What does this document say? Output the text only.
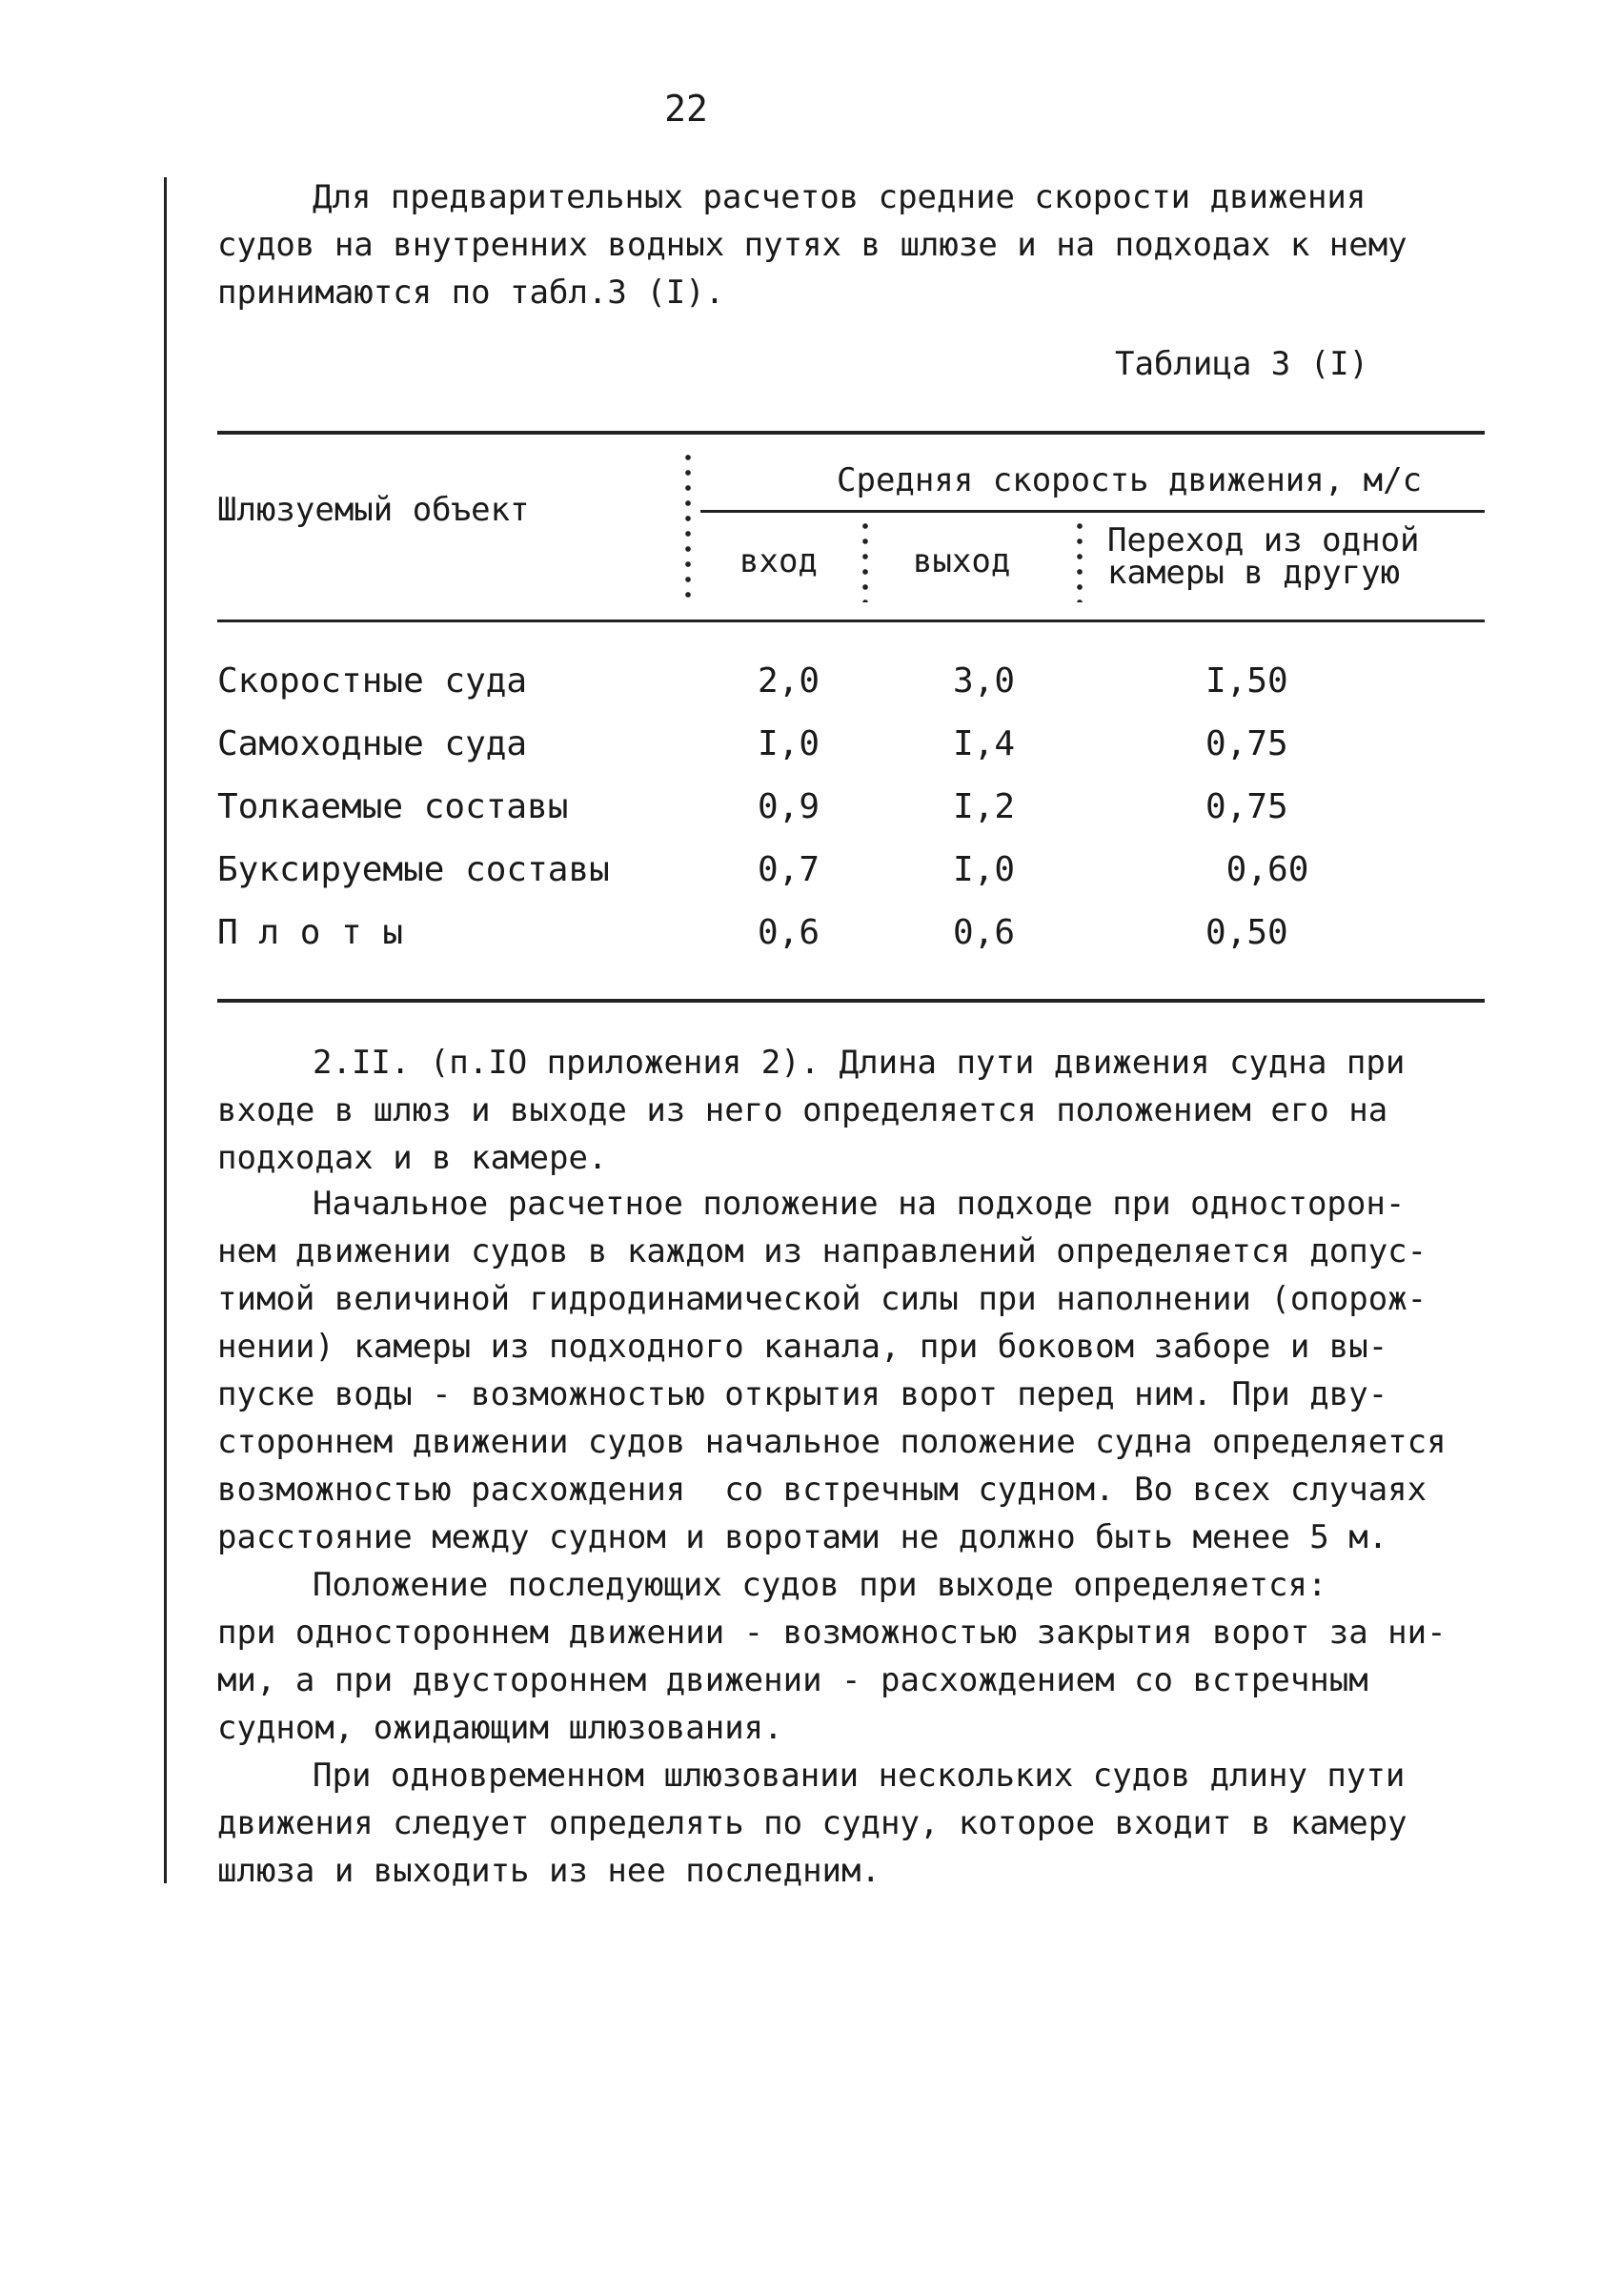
22

Для предварительных расчетов средние скорости движения
судов на внутренних водных путях в шлюзе и на подходах к нему
принимаются по табл.3 (I).

Таблица 3 (I)
Шлюзуемый объект
Средняя скорость движения, м/с
вход	выход
Переход из одной
камеры в другую
Скоростные суда	2,0	3,0	I,50
Самоходные суда	I,0	I,4	0,75
Толкаемые составы	0,9	I,2	0,75
Буксируемые составы	0,7	I,0	0,60
П л о т ы	0,6	0,6	0,50

2.II. (п.IO приложения 2). Длина пути движения судна при
входе в шлюз и выходе из него определяется положением его на
подходах и в камере.

Начальное расчетное положение на подходе при односторон-
нем движении судов в каждом из направлений определяется допус-
тимой величиной гидродинамической силы при наполнении (опорож-
нении) камеры из подходного канала, при боковом заборе и вы-
пуске воды - возможностью открытия ворот перед ним. При дву-
стороннем движении судов начальное положение судна определяется
возможностью расхождения  со встречным судном. Во всех случаях
расстояние между судном и воротами не должно быть менее 5 м.

Положение последующих судов при выходе определяется:
при одностороннем движении - возможностью закрытия ворот за ни-
ми, а при двустороннем движении - расхождением со встречным
судном, ожидающим шлюзования.

При одновременном шлюзовании нескольких судов длину пути
движения следует определять по судну, которое входит в камеру
шлюза и выходить из нее последним.
